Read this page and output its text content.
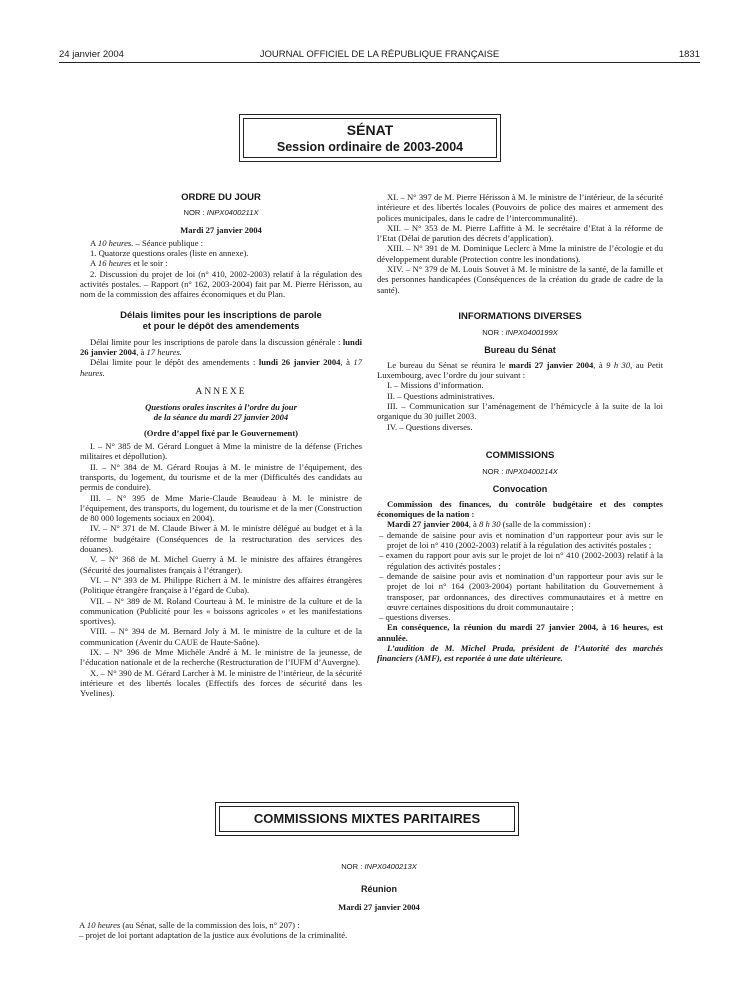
24 janvier 2004	JOURNAL OFFICIEL DE LA RÉPUBLIQUE FRANÇAISE	1831
SÉNAT
Session ordinaire de 2003-2004

ORDRE DU JOUR

NOR : INPX0400211X

Mardi 27 janvier 2004

A 10 heures. – Séance publique :

1. Quatorze questions orales (liste en annexe).

A 16 heures et le soir :

2. Discussion du projet de loi (n° 410, 2002-2003) relatif à la régulation des activités postales. – Rapport (n° 162, 2003-2004) fait par M. Pierre Hérisson, au nom de la commission des affaires économiques et du Plan.

Délais limites pour les inscriptions de parole
et pour le dépôt des amendements

Délai limite pour les inscriptions de parole dans la discussion générale : lundi 26 janvier 2004, à 17 heures.

Délai limite pour le dépôt des amendements : lundi 26 janvier 2004, à 17 heures.

ANNEXE

Questions orales inscrites à l’ordre du jour
de la séance du mardi 27 janvier 2004

(Ordre d’appel fixé par le Gouvernement)

I. – N° 385 de M. Gérard Longuet à Mme la ministre de la défense (Friches militaires et dépollution).

II. – N° 384 de M. Gérard Roujas à M. le ministre de l’équipement, des transports, du logement, du tourisme et de la mer (Difficultés des candidats au permis de conduire).

III. – N° 395 de Mme Marie-Claude Beaudeau à M. le ministre de l’équipement, des transports, du logement, du tourisme et de la mer (Construction de 80 000 logements sociaux en 2004).

IV. – N° 371 de M. Claude Biwer à M. le ministre délégué au budget et à la réforme budgétaire (Conséquences de la restructuration des services des douanes).

V. – N° 368 de M. Michel Guerry à M. le ministre des affaires étrangères (Sécurité des journalistes français à l’étranger).

VI. – N° 393 de M. Philippe Richert à M. le ministre des affaires étrangères (Politique étrangère française à l’égard de Cuba).

VII. – N° 389 de M. Roland Courteau à M. le ministre de la culture et de la communication (Publicité pour les « boissons agricoles » et les manifestations sportives).

VIII. – N° 394 de M. Bernard Joly à M. le ministre de la culture et de la communication (Avenir du CAUE de Haute-Saône).

IX. – N° 396 de Mme Michèle André à M. le ministre de la jeunesse, de l’éducation nationale et de la recherche (Restructuration de l’IUFM d’Auvergne).

X. – N° 390 de M. Gérard Larcher à M. le ministre de l’intérieur, de la sécurité intérieure et des libertés locales (Effectifs des forces de sécurité dans les Yvelines).

XI. – N° 397 de M. Pierre Hérisson à M. le ministre de l’intérieur, de la sécurité intérieure et des libertés locales (Pouvoirs de police des maires et armement des polices municipales, dans le cadre de l’intercommunalité).

XII. – N° 353 de M. Pierre Laffitte à M. le secrétaire d’Etat à la réforme de l’Etat (Délai de parution des décrets d’application).

XIII. – N° 391 de M. Dominique Leclerc à Mme la ministre de l’écologie et du développement durable (Protection contre les inondations).

XIV. – N° 379 de M. Louis Souvet à M. le ministre de la santé, de la famille et des personnes handicapées (Conséquences de la création du grade de cadre de la santé).

INFORMATIONS DIVERSES

NOR : INPX0400199X

Bureau du Sénat

Le bureau du Sénat se réunira le mardi 27 janvier 2004, à 9 h 30, au Petit Luxembourg, avec l’ordre du jour suivant :

I. – Missions d’information.

II. – Questions administratives.

III. – Communication sur l’aménagement de l’hémicycle à la suite de la loi organique du 30 juillet 2003.

IV. – Questions diverses.

COMMISSIONS

NOR : INPX0400214X

Convocation

Commission des finances, du contrôle budgétaire et des comptes économiques de la nation :

Mardi 27 janvier 2004, à 8 h 30 (salle de la commission) :

– demande de saisine pour avis et nomination d’un rapporteur pour avis sur le projet de loi n° 410 (2002-2003) relatif à la régulation des activités postales ;

– examen du rapport pour avis sur le projet de loi n° 410 (2002-2003) relatif à la régulation des activités postales ;

– demande de saisine pour avis et nomination d’un rapporteur pour avis sur le projet de loi n° 164 (2003-2004) portant habilitation du Gouvernement à transposer, par ordonnances, des directives communautaires et à mettre en œuvre certaines dispositions du droit communautaire ;

– questions diverses.

En conséquence, la réunion du mardi 27 janvier 2004, à 16 heures, est annulée.

L’audition de M. Michel Prada, président de l’Autorité des marchés financiers (AMF), est reportée à une date ultérieure.

COMMISSIONS MIXTES PARITAIRES

NOR : INPX0400213X

Réunion

Mardi 27 janvier 2004

A 10 heures (au Sénat, salle de la commission des lois, n° 207) :

– projet de loi portant adaptation de la justice aux évolutions de la criminalité.
